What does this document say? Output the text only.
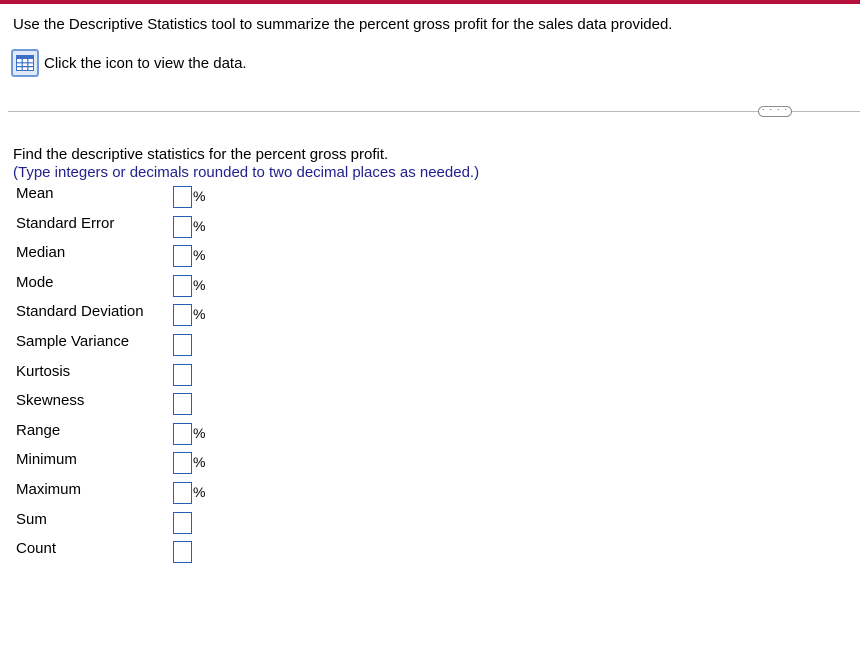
Use the Descriptive Statistics tool to summarize the percent gross profit for the sales data provided.
Click the icon to view the data.
· · · ·
Find the descriptive statistics for the percent gross profit.
(Type integers or decimals rounded to two decimal places as needed.)
Mean	%
Standard Error	%
Median	%
Mode	%
Standard Deviation	%
Sample Variance
Kurtosis
Skewness
Range	%
Minimum	%
Maximum	%
Sum
Count
